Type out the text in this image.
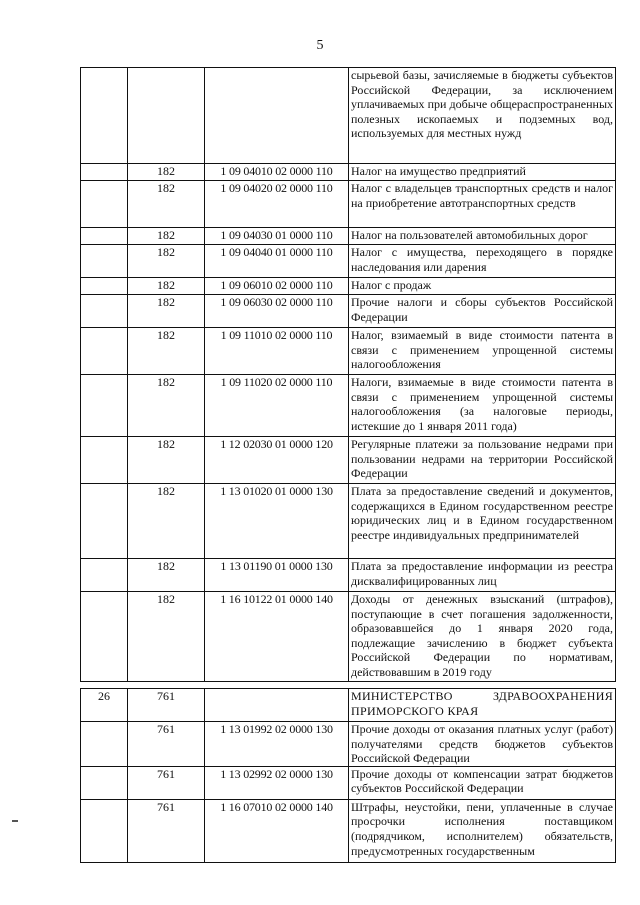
5
			сырьевой базы, зачисляемые в бюджеты субъектов Российской Федерации, за исключением уплачиваемых при добыче общераспространенных полезных ископаемых и подземных вод, используемых для местных нужд
	182	1 09 04010 02 0000 110	Налог на имущество предприятий
	182	1 09 04020 02 0000 110	Налог с владельцев транспортных средств и налог на приобретение автотранспортных средств
	182	1 09 04030 01 0000 110	Налог на пользователей автомобильных дорог
	182	1 09 04040 01 0000 110	Налог с имущества, переходящего в порядке наследования или дарения
	182	1 09 06010 02 0000 110	Налог с продаж
	182	1 09 06030 02 0000 110	Прочие налоги и сборы субъектов Российской Федерации
	182	1 09 11010 02 0000 110	Налог, взимаемый в виде стоимости патента в связи с применением упрощенной системы налогообложения
	182	1 09 11020 02 0000 110	Налоги, взимаемые в виде стоимости патента в связи с применением упрощенной системы налогообложения (за налоговые периоды, истекшие до 1 января 2011 года)
	182	1 12 02030 01 0000 120	Регулярные платежи за пользование недрами при пользовании недрами на территории Российской Федерации
	182	1 13 01020 01 0000 130	Плата за предоставление сведений и документов, содержащихся в Едином государственном реестре юридических лиц и в Едином государственном реестре индивидуальных предпринимателей
	182	1 13 01190 01 0000 130	Плата за предоставление информации из реестра дисквалифицированных лиц
	182	1 16 10122 01 0000 140	Доходы от денежных взысканий (штрафов), поступающие в счет погашения задолженности, образовавшейся до 1 января 2020 года, подлежащие зачислению в бюджет субъекта Российской Федерации по нормативам, действовавшим в 2019 году
26	761		МИНИСТЕРСТВО ЗДРАВООХРАНЕНИЯ ПРИМОРСКОГО КРАЯ
	761	1 13 01992 02 0000 130	Прочие доходы от оказания платных услуг (работ) получателями средств бюджетов субъектов Российской Федерации
	761	1 13 02992 02 0000 130	Прочие доходы от компенсации затрат бюджетов субъектов Российской Федерации
	761	1 16 07010 02 0000 140	Штрафы, неустойки, пени, уплаченные в случае просрочки исполнения поставщиком (подрядчиком, исполнителем) обязательств, предусмотренных государственным
